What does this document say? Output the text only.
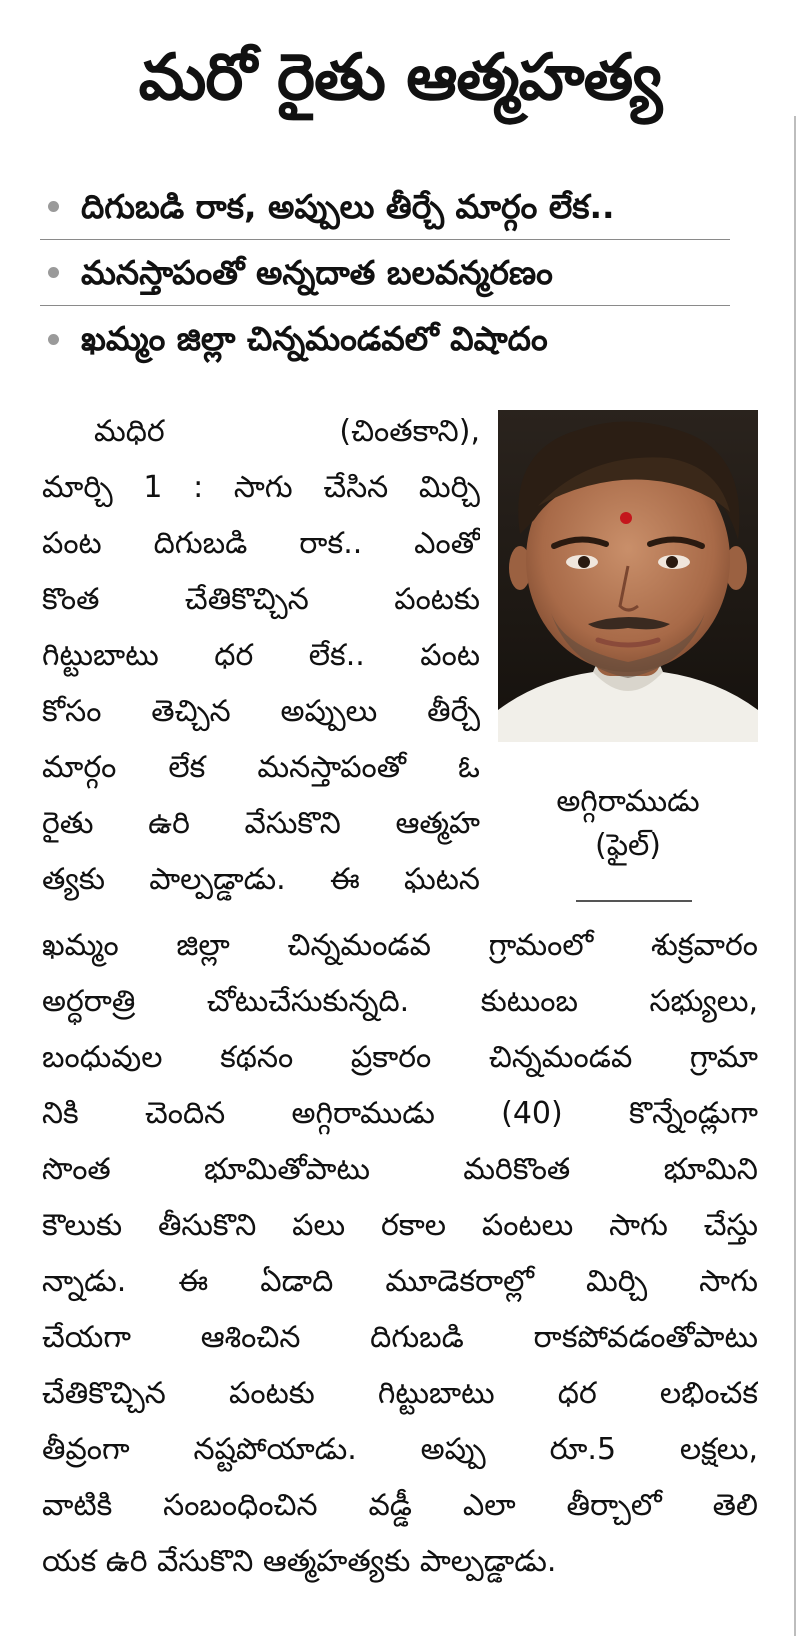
మరో రైతు ఆత్మహత్య
దిగుబడి రాక, అప్పులు తీర్చే మార్గం లేక..
మనస్తాపంతో అన్నదాత బలవన్మరణం
ఖమ్మం జిల్లా చిన్నమండవలో విషాదం
అగ్గిరాముడు
(ఫైల్)
మధిర (చింతకాని),
మార్చి 1 : సాగు చేసిన మిర్చి
పంట దిగుబడి రాక.. ఎంతో
కొంత చేతికొచ్చిన పంటకు
గిట్టుబాటు ధర లేక.. పంట
కోసం తెచ్చిన అప్పులు తీర్చే
మార్గం లేక మనస్తాపంతో ఓ
రైతు ఉరి వేసుకొని ఆత్మహ
త్యకు పాల్పడ్డాడు. ఈ ఘటన
ఖమ్మం జిల్లా చిన్నమండవ గ్రామంలో శుక్రవారం
అర్ధరాత్రి చోటుచేసుకున్నది. కుటుంబ సభ్యులు,
బంధువుల కథనం ప్రకారం చిన్నమండవ గ్రామా
నికి చెందిన అగ్గిరాముడు (40) కొన్నేండ్లుగా
సొంత భూమితోపాటు మరికొంత భూమిని
కౌలుకు తీసుకొని పలు రకాల పంటలు సాగు చేస్తు
న్నాడు. ఈ ఏడాది మూడెకరాల్లో మిర్చి సాగు
చేయగా ఆశించిన దిగుబడి రాకపోవడంతోపాటు
చేతికొచ్చిన పంటకు గిట్టుబాటు ధర లభించక
తీవ్రంగా నష్టపోయాడు. అప్పు రూ.5 లక్షలు,
వాటికి సంబంధించిన వడ్డీ ఎలా తీర్చాలో తెలి
యక ఉరి వేసుకొని ఆత్మహత్యకు పాల్పడ్డాడు.
